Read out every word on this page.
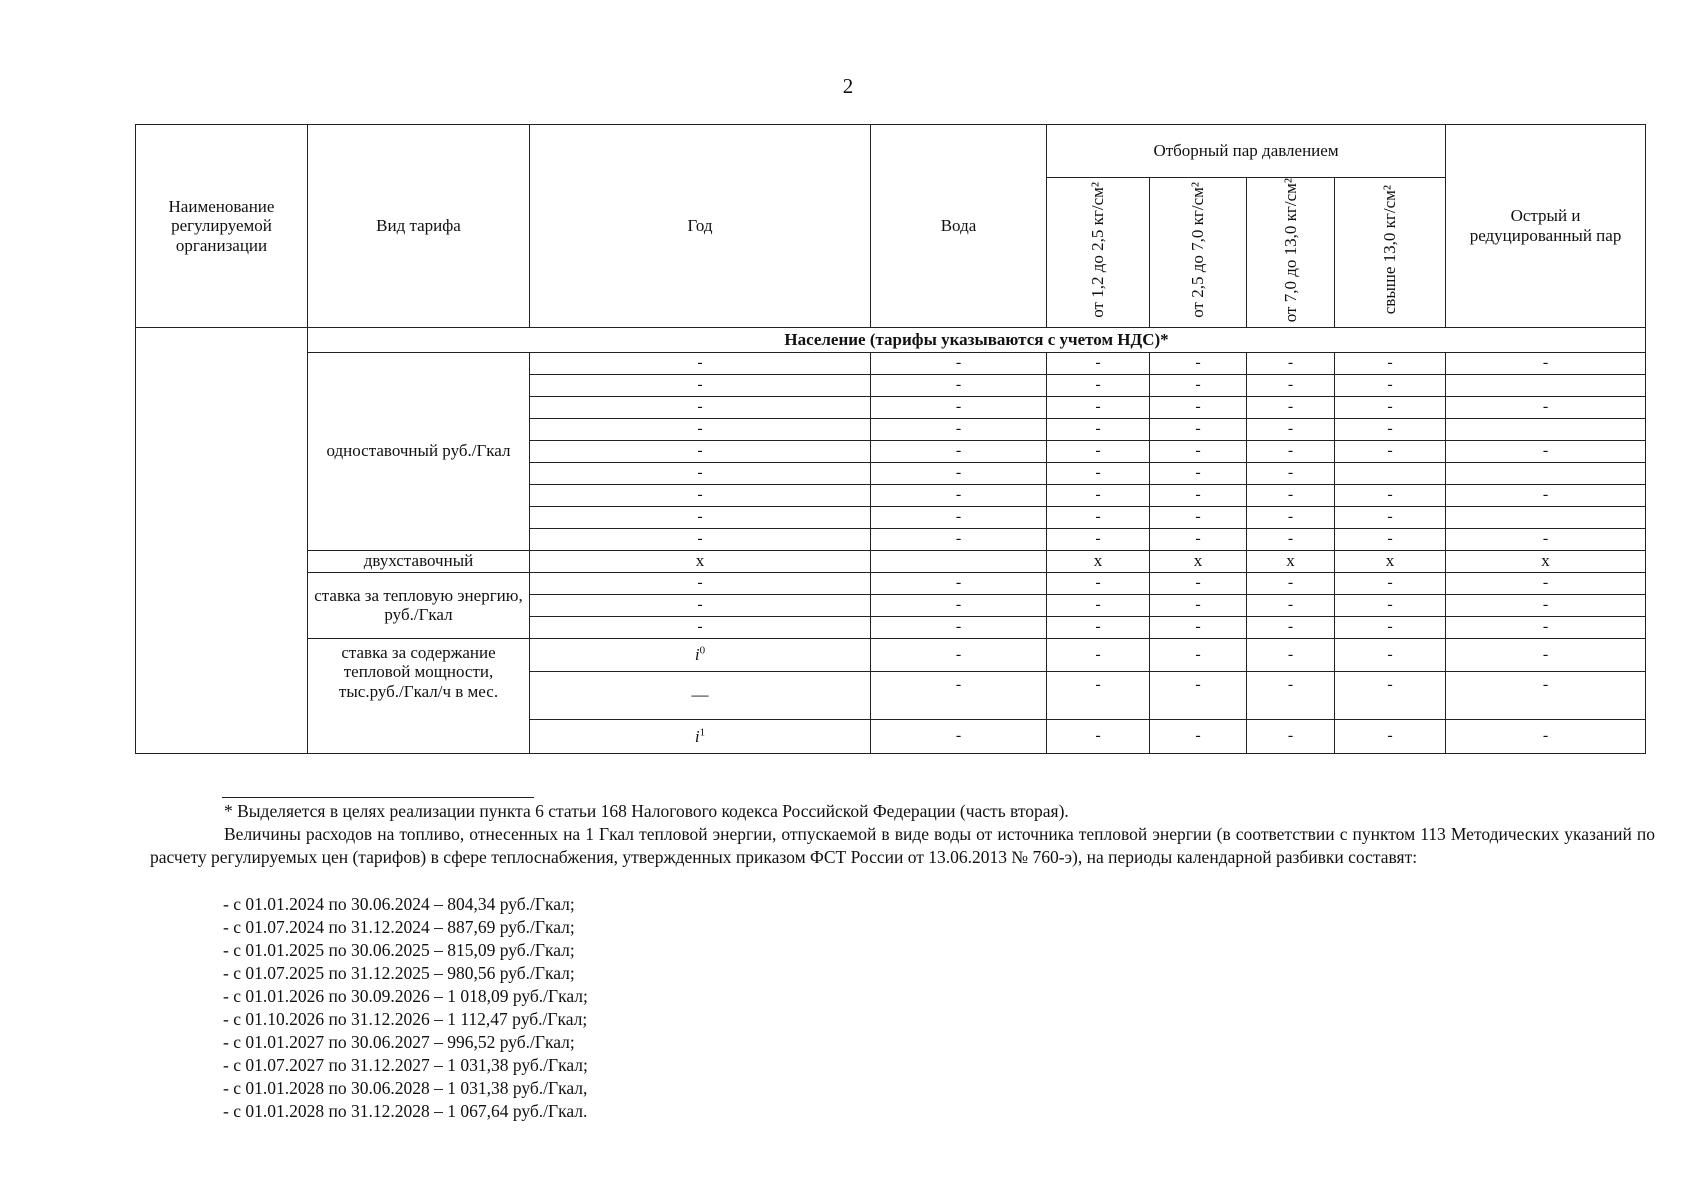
2
Наименование регулируемой организации	Вид тарифа	Год	Вода	Отборный пар давлением				Острый и редуцированный пар
				от 1,2 до 2,5 кг/см²	от 2,5 до 7,0 кг/см²	от 7,0 до 13,0 кг/см²	свыше 13,0 кг/см²	
	Население (тарифы указываются с учетом НДС)*							
	одноставочный руб./Гкал	-	-	-	-	-	-	-
		-	-	-	-	-	-	
		-	-	-	-	-	-	-
		-	-	-	-	-	-	
		-	-	-	-	-	-	-
		-	-	-	-	-		
		-	-	-	-	-	-	-
		-	-	-	-	-	-	
		-	-	-	-	-	-	-
	двухставочный	x		x	x	x	x	x
	ставка за тепловую энергию, руб./Гкал	-	-	-	-	-	-	-
		-	-	-	-	-	-	-
		-	-	-	-	-	-	-
	ставка за содержание тепловой мощности, тыс.руб./Гкал/ч в мес.	$i^0$	-	-	-	-	-	-
		—	-	-	-	-	-	-
		$i^1$	-	-	-	-	-	-
* Выделяется в целях реализации пункта 6 статьи 168 Налогового кодекса Российской Федерации (часть вторая).
Величины расходов на топливо, отнесенных на 1 Гкал тепловой энергии, отпускаемой в виде воды от источника тепловой энергии (в соответствии с пунктом 113 Методических указаний по расчету регулируемых цен (тарифов) в сфере теплоснабжения, утвержденных приказом ФСТ России от 13.06.2013 № 760-э), на периоды календарной разбивки составят:
- с 01.01.2024 по 30.06.2024 – 804,34 руб./Гкал;
- с 01.07.2024 по 31.12.2024 – 887,69 руб./Гкал;
- с 01.01.2025 по 30.06.2025 – 815,09 руб./Гкал;
- с 01.07.2025 по 31.12.2025 – 980,56 руб./Гкал;
- с 01.01.2026 по 30.09.2026 – 1 018,09 руб./Гкал;
- с 01.10.2026 по 31.12.2026 – 1 112,47 руб./Гкал;
- с 01.01.2027 по 30.06.2027 – 996,52 руб./Гкал;
- с 01.07.2027 по 31.12.2027 – 1 031,38 руб./Гкал;
- с 01.01.2028 по 30.06.2028 – 1 031,38 руб./Гкал,
- с 01.01.2028 по 31.12.2028 – 1 067,64 руб./Гкал.
